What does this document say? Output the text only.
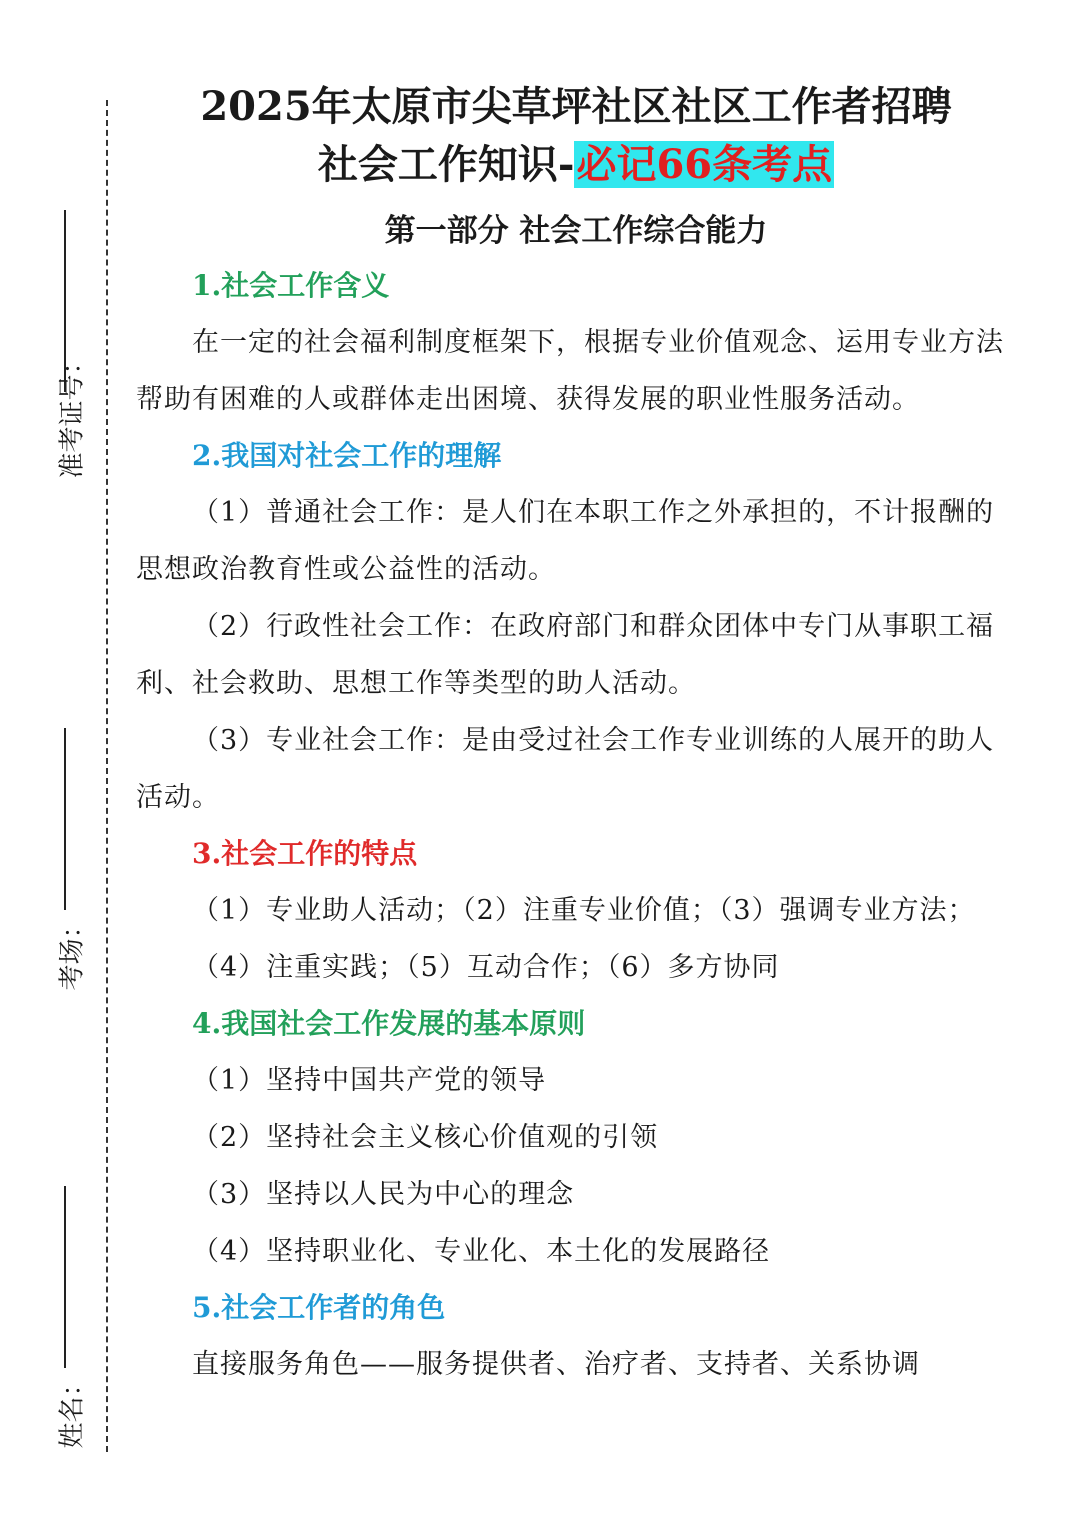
准考证号：
考场：
姓名：
2025年太原市尖草坪社区社区工作者招聘
社会工作知识-必记66条考点
第一部分 社会工作综合能力
1.社会工作含义

在一定的社会福利制度框架下，根据专业价值观念、运用专业方法帮助有困难的人或群体走出困境、获得发展的职业性服务活动。

2.我国对社会工作的理解

（1）普通社会工作：是人们在本职工作之外承担的，不计报酬的思想政治教育性或公益性的活动。

（2）行政性社会工作：在政府部门和群众团体中专门从事职工福利、社会救助、思想工作等类型的助人活动。

（3）专业社会工作：是由受过社会工作专业训练的人展开的助人活动。

3.社会工作的特点

（1）专业助人活动；（2）注重专业价值；（3）强调专业方法；

（4）注重实践；（5）互动合作；（6）多方协同

4.我国社会工作发展的基本原则

（1）坚持中国共产党的领导

（2）坚持社会主义核心价值观的引领

（3）坚持以人民为中心的理念

（4）坚持职业化、专业化、本土化的发展路径

5.社会工作者的角色

直接服务角色——服务提供者、治疗者、支持者、关系协调
